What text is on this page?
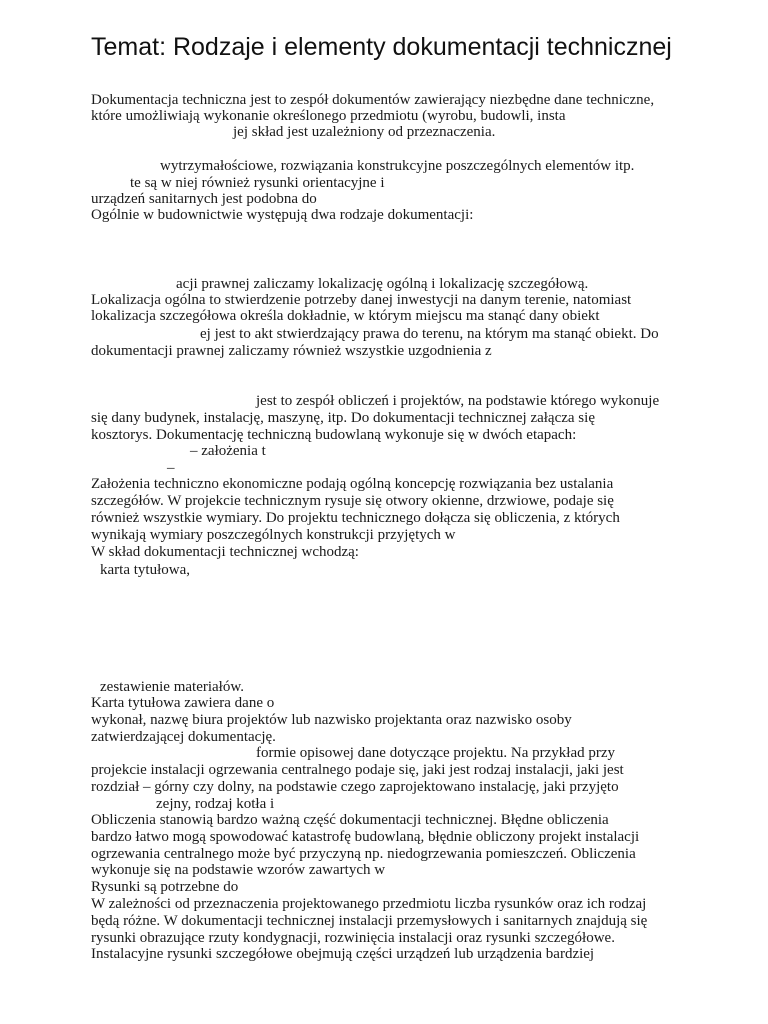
Temat: Rodzaje i elementy dokumentacji technicznej
Dokumentacja techniczna jest to zespół dokumentów zawierający niezbędne dane techniczne,
które umożliwiają wykonanie określonego przedmiotu (wyrobu, budowli, insta
jej skład jest uzależniony od przeznaczenia.
wytrzymałościowe, rozwiązania konstrukcyjne poszczególnych elementów itp.
te są w niej również rysunki orientacyjne i
urządzeń sanitarnych jest podobna do
Ogólnie w budownictwie występują dwa rodzaje dokumentacji:
acji prawnej zaliczamy lokalizację ogólną i lokalizację szczegółową.
Lokalizacja ogólna to stwierdzenie potrzeby danej inwestycji na danym terenie, natomiast
lokalizacja szczegółowa określa dokładnie, w którym miejscu ma stanąć dany obiekt
ej jest to akt stwierdzający prawa do terenu, na którym ma stanąć obiekt. Do
dokumentacji prawnej zaliczamy również wszystkie uzgodnienia z
jest to zespół obliczeń i projektów, na podstawie którego wykonuje
się dany budynek, instalację, maszynę, itp. Do dokumentacji technicznej załącza się
kosztorys. Dokumentację techniczną budowlaną wykonuje się w dwóch etapach:
– założenia t
–
Założenia techniczno ekonomiczne podają ogólną koncepcję rozwiązania bez ustalania
szczegółów. W projekcie technicznym rysuje się otwory okienne, drzwiowe, podaje się
również wszystkie wymiary. Do projektu technicznego dołącza się obliczenia, z których
wynikają wymiary poszczególnych konstrukcji przyjętych w
W skład dokumentacji technicznej wchodzą:
karta tytułowa,
zestawienie materiałów.
Karta tytułowa zawiera dane o
wykonał, nazwę biura projektów lub nazwisko projektanta oraz nazwisko osoby
zatwierdzającej dokumentację.
formie opisowej dane dotyczące projektu. Na przykład przy
projekcie instalacji ogrzewania centralnego podaje się, jaki jest rodzaj instalacji, jaki jest
rozdział – górny czy dolny, na podstawie czego zaprojektowano instalację, jaki przyjęto
zejny, rodzaj kotła i
Obliczenia stanowią bardzo ważną część dokumentacji technicznej. Błędne obliczenia
bardzo łatwo mogą spowodować katastrofę budowlaną, błędnie obliczony projekt instalacji
ogrzewania centralnego może być przyczyną np. niedogrzewania pomieszczeń. Obliczenia
wykonuje się na podstawie wzorów zawartych w
Rysunki są potrzebne do
W zależności od przeznaczenia projektowanego przedmiotu liczba rysunków oraz ich rodzaj
będą różne. W dokumentacji technicznej instalacji przemysłowych i sanitarnych znajdują się
rysunki obrazujące rzuty kondygnacji, rozwinięcia instalacji oraz rysunki szczegółowe.
Instalacyjne rysunki szczegółowe obejmują części urządzeń lub urządzenia bardziej
